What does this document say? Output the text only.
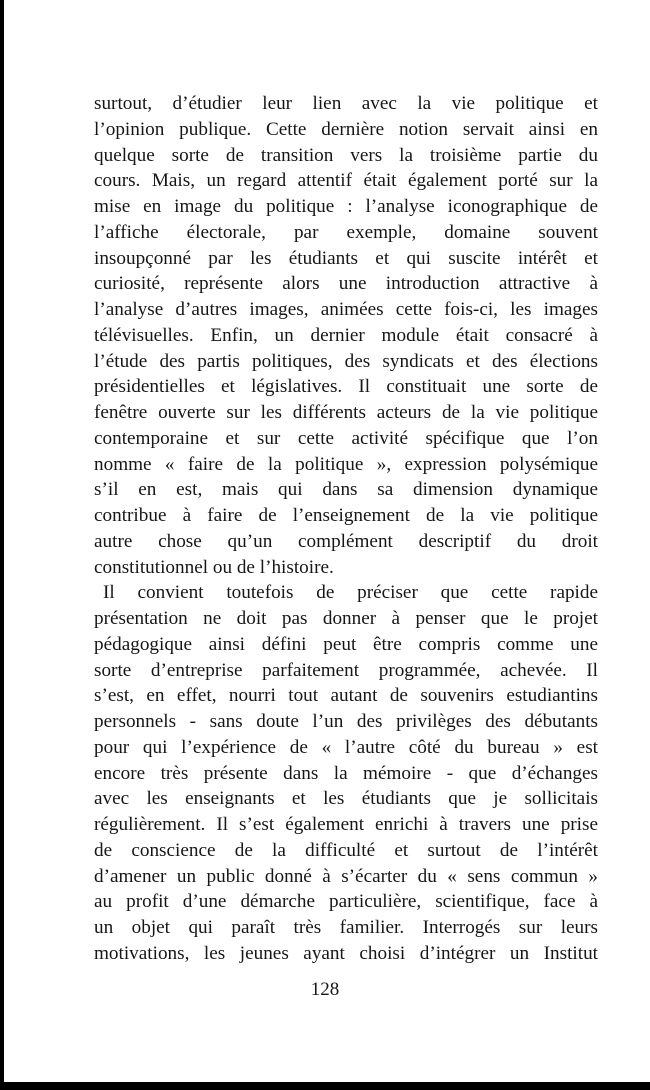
surtout, d’étudier leur lien avec la vie politique et
l’opinion publique. Cette dernière notion servait ainsi en
quelque sorte de transition vers la troisième partie du
cours. Mais, un regard attentif était également porté sur la
mise en image du politique : l’analyse iconographique de
l’affiche électorale, par exemple, domaine souvent
insoupçonné par les étudiants et qui suscite intérêt et
curiosité, représente alors une introduction attractive à
l’analyse d’autres images, animées cette fois-ci, les images
télévisuelles. Enfin, un dernier module était consacré à
l’étude des partis politiques, des syndicats et des élections
présidentielles et législatives. Il constituait une sorte de
fenêtre ouverte sur les différents acteurs de la vie politique
contemporaine et sur cette activité spécifique que l’on
nomme « faire de la politique », expression polysémique
s’il en est, mais qui dans sa dimension dynamique
contribue à faire de l’enseignement de la vie politique
autre chose qu’un complément descriptif du droit
constitutionnel ou de l’histoire.
Il convient toutefois de préciser que cette rapide
présentation ne doit pas donner à penser que le projet
pédagogique ainsi défini peut être compris comme une
sorte d’entreprise parfaitement programmée, achevée. Il
s’est, en effet, nourri tout autant de souvenirs estudiantins
personnels - sans doute l’un des privilèges des débutants
pour qui l’expérience de « l’autre côté du bureau » est
encore très présente dans la mémoire - que d’échanges
avec les enseignants et les étudiants que je sollicitais
régulièrement. Il s’est également enrichi à travers une prise
de conscience de la difficulté et surtout de l’intérêt
d’amener un public donné à s’écarter du « sens commun »
au profit d’une démarche particulière, scientifique, face à
un objet qui paraît très familier. Interrogés sur leurs
motivations, les jeunes ayant choisi d’intégrer un Institut
128
